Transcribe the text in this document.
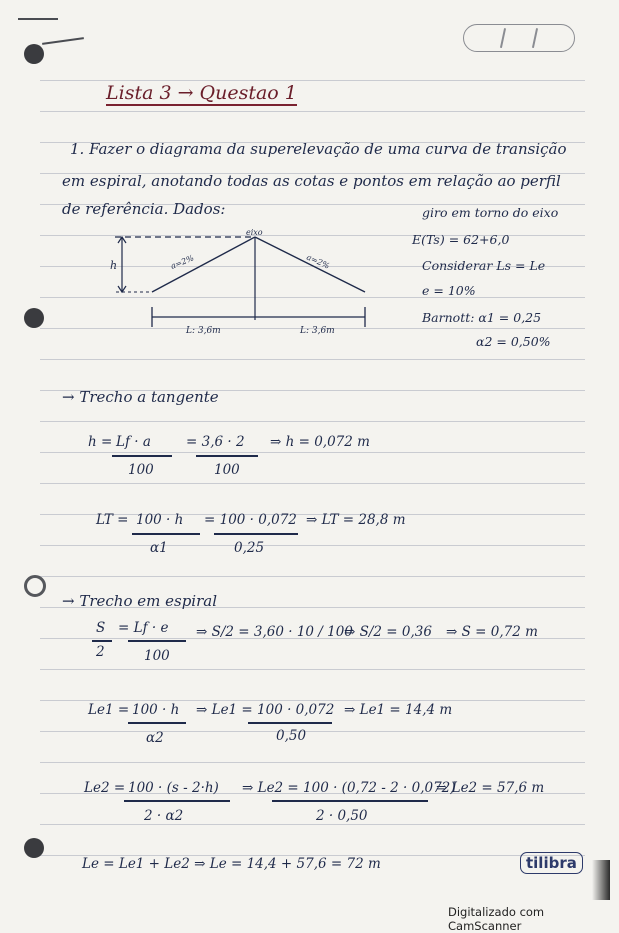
Lista 3 → Questao 1
1. Fazer o diagrama da superelevação de uma curva de transição
em espiral, anotando todas as cotas e pontos em relação ao perfil
de referência. Dados:	giro em torno do eixo
E(Ts) = 62+6,0
Considerar Ls = Le
e = 10%
Barnott: α1 = 0,25
α2 = 0,50%
eixo
h	a=2%	a=2%
L: 3,6m	L: 3,6m
→ Trecho a tangente
h = Lf · a
100
= 3,6 · 2
100
⇒ h = 0,072 m
LT = 100 · h
α1
= 100 · 0,072
0,25
⇒ LT = 28,8 m
→ Trecho em espiral
S
2
= Lf · e
100
⇒ S/2 = 3,60 · 10 / 100
⇒ S/2 = 0,36 ⇒ S = 0,72 m
Le1 = 100 · h
α2
⇒ Le1 = 100 · 0,072
0,50
⇒ Le1 = 14,4 m
Le2 = 100 · (s - 2·h)
2 · α2
⇒ Le2 = 100 · (0,72 - 2 · 0,072)
2 · 0,50
⇒ Le2 = 57,6 m
Le = Le1 + Le2 ⇒ Le = 14,4 + 57,6 = 72 m	tilibra
Digitalizado com CamScanner
